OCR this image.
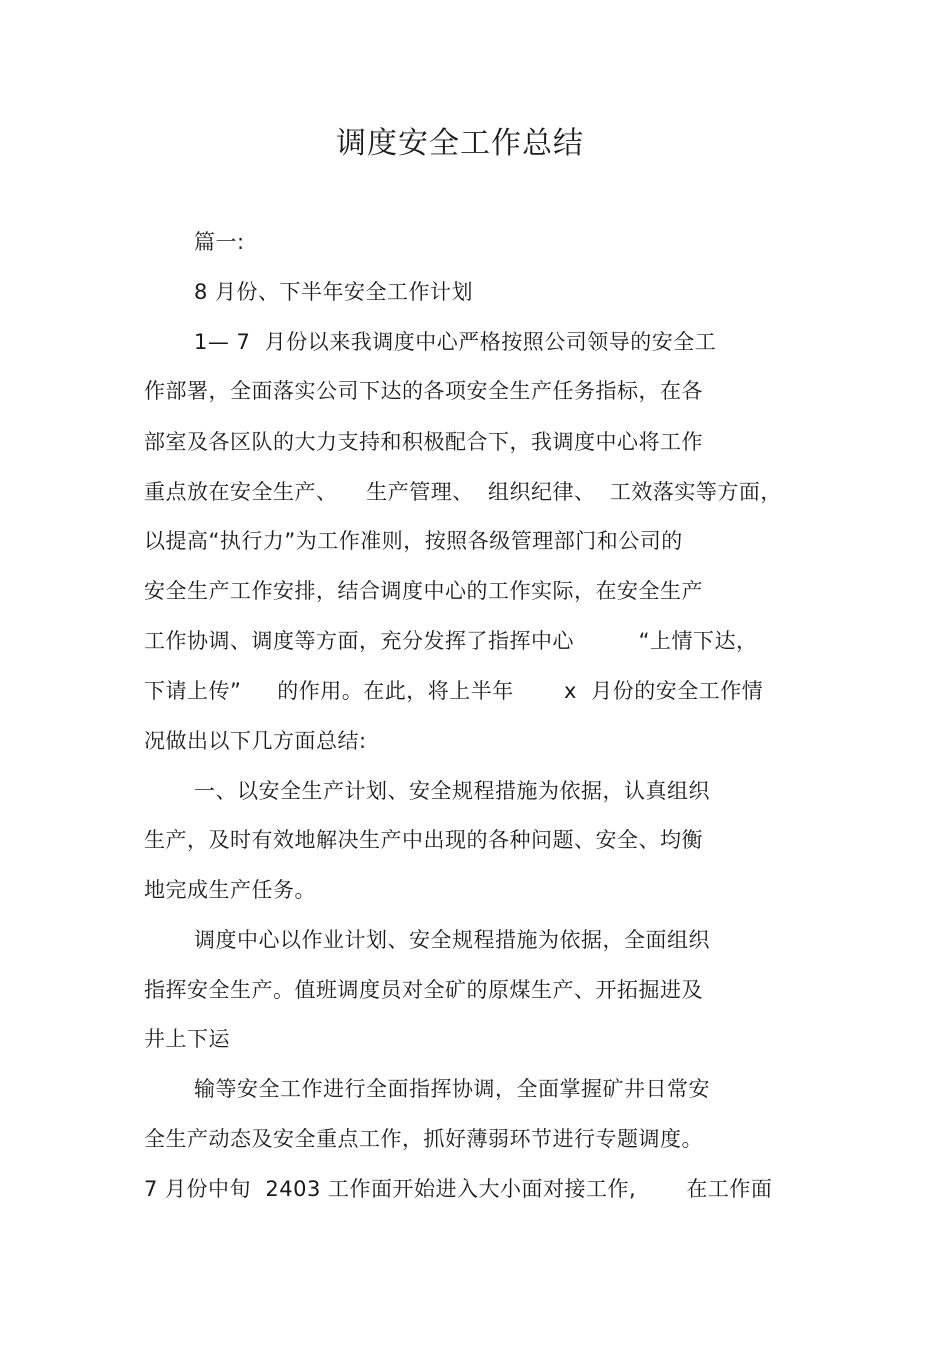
调度安全工作总结
篇一:
8 月份、下半年安全工作计划
1— 7  月份以来我调度中心严格按照公司领导的安全工
作部署，全面落实公司下达的各项安全生产任务指标，在各
部室及各区队的大力支持和积极配合下，我调度中心将工作
重点放在安全生产、    生产管理、  组织纪律、  工效落实等方面，
以提高“执行力”为工作准则，按照各级管理部门和公司的
安全生产工作安排，结合调度中心的工作实际，在安全生产
工作协调、调度等方面，充分发挥了指挥中心         “上情下达，
下请上传”     的作用。在此，将上半年       x  月份的安全工作情
况做出以下几方面总结:
一、以安全生产计划、安全规程措施为依据，认真组织
生产，及时有效地解决生产中出现的各种问题、安全、均衡
地完成生产任务。
调度中心以作业计划、安全规程措施为依据，全面组织
指挥安全生产。值班调度员对全矿的原煤生产、开拓掘进及
井上下运
输等安全工作进行全面指挥协调，全面掌握矿井日常安
全生产动态及安全重点工作，抓好薄弱环节进行专题调度。
7 月份中旬  2403 工作面开始进入大小面对接工作,       在工作面
